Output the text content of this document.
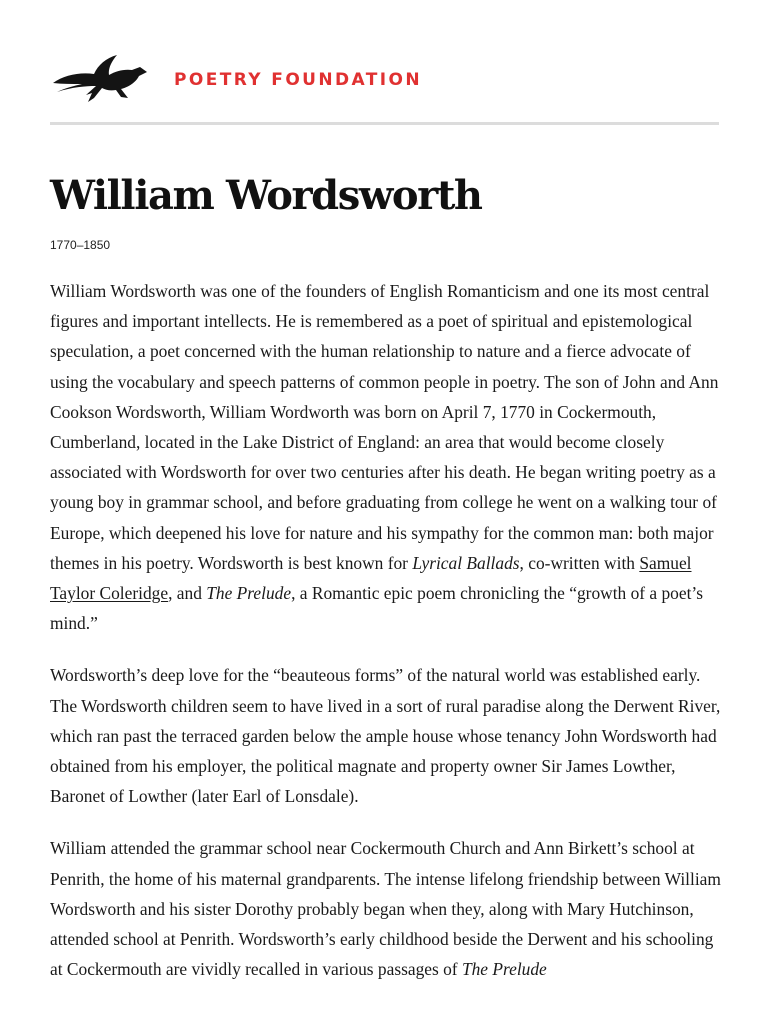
POETRY FOUNDATION
William Wordsworth
1770–1850

William Wordsworth was one of the founders of English Romanticism and one its most central figures and important intellects. He is remembered as a poet of spiritual and epistemological speculation, a poet concerned with the human relationship to nature and a fierce advocate of using the vocabulary and speech patterns of common people in poetry. The son of John and Ann Cookson Wordsworth, William Wordworth was born on April 7, 1770 in Cockermouth, Cumberland, located in the Lake District of England: an area that would become closely associated with Wordsworth for over two centuries after his death. He began writing poetry as a young boy in grammar school, and before graduating from college he went on a walking tour of Europe, which deepened his love for nature and his sympathy for the common man: both major themes in his poetry. Wordsworth is best known for Lyrical Ballads, co-written with Samuel Taylor Coleridge, and The Prelude, a Romantic epic poem chronicling the “growth of a poet’s mind.”

Wordsworth’s deep love for the “beauteous forms” of the natural world was established early. The Wordsworth children seem to have lived in a sort of rural paradise along the Derwent River, which ran past the terraced garden below the ample house whose tenancy John Wordsworth had obtained from his employer, the political magnate and property owner Sir James Lowther, Baronet of Lowther (later Earl of Lonsdale).

William attended the grammar school near Cockermouth Church and Ann Birkett’s school at Penrith, the home of his maternal grandparents. The intense lifelong friendship between William Wordsworth and his sister Dorothy probably began when they, along with Mary Hutchinson, attended school at Penrith. Wordsworth’s early childhood beside the Derwent and his schooling at Cockermouth are vividly recalled in various passages of The Prelude
